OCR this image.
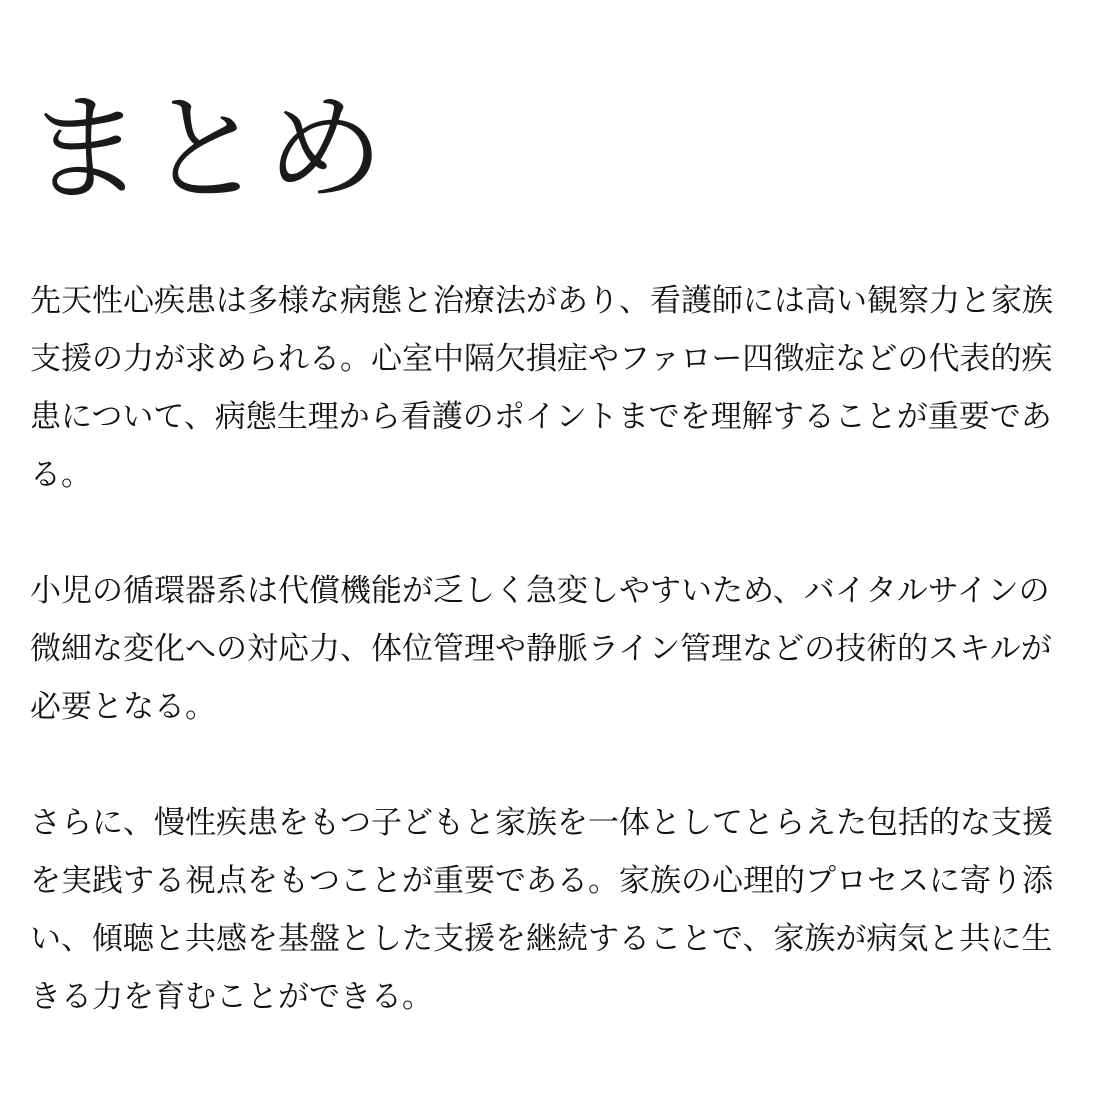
まとめ

先天性心疾患は多様な病態と治療法があり、看護師には高い観察力と家族支援の力が求められる。心室中隔欠損症やファロー四徴症などの代表的疾患について、病態生理から看護のポイントまでを理解することが重要である。

小児の循環器系は代償機能が乏しく急変しやすいため、バイタルサインの微細な変化への対応力、体位管理や静脈ライン管理などの技術的スキルが必要となる。

さらに、慢性疾患をもつ子どもと家族を一体としてとらえた包括的な支援を実践する視点をもつことが重要である。家族の心理的プロセスに寄り添い、傾聴と共感を基盤とした支援を継続することで、家族が病気と共に生きる力を育むことができる。
